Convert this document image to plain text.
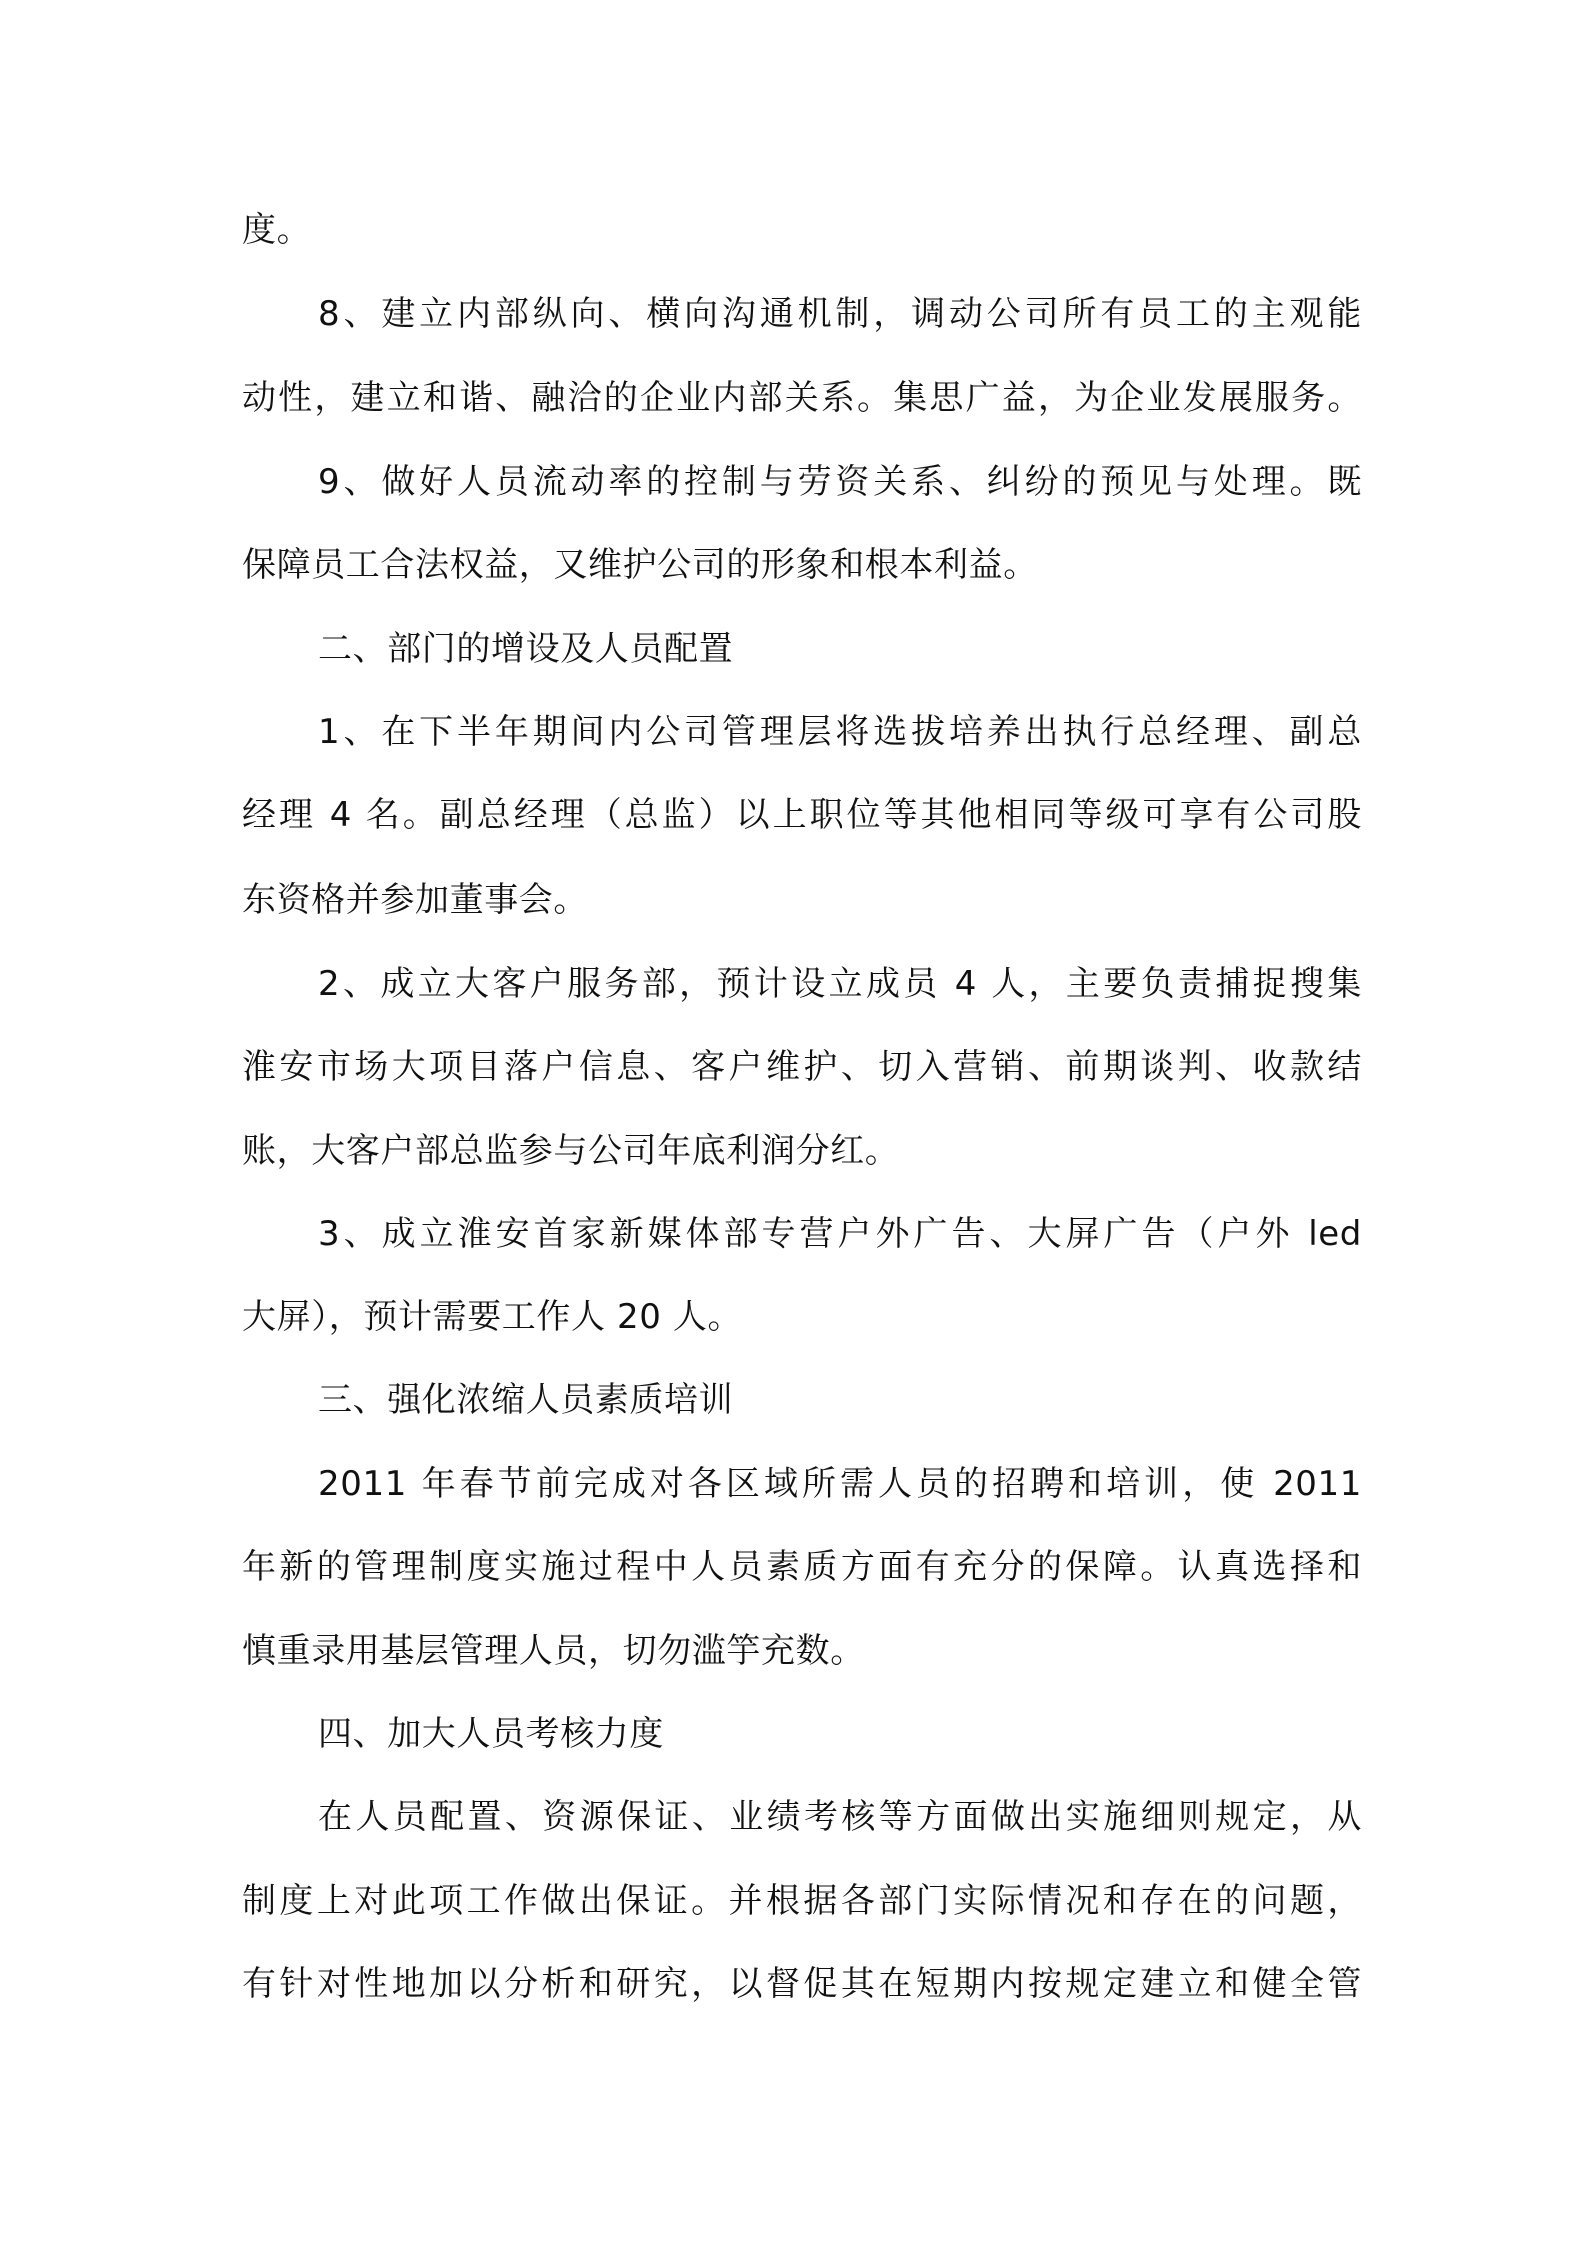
度。
8、建立内部纵向、横向沟通机制，调动公司所有员工的主观能
动性，建立和谐、融洽的企业内部关系。集思广益，为企业发展服务。
9、做好人员流动率的控制与劳资关系、纠纷的预见与处理。既
保障员工合法权益，又维护公司的形象和根本利益。
二、部门的增设及人员配置
1、在下半年期间内公司管理层将选拔培养出执行总经理、副总
经理 4 名。副总经理（总监）以上职位等其他相同等级可享有公司股
东资格并参加董事会。
2、成立大客户服务部，预计设立成员 4 人，主要负责捕捉搜集
淮安市场大项目落户信息、客户维护、切入营销、前期谈判、收款结
账，大客户部总监参与公司年底利润分红。
3、成立淮安首家新媒体部专营户外广告、大屏广告（户外 led
大屏），预计需要工作人 20 人。
三、强化浓缩人员素质培训
2011 年春节前完成对各区域所需人员的招聘和培训，使 2011
年新的管理制度实施过程中人员素质方面有充分的保障。认真选择和
慎重录用基层管理人员，切勿滥竽充数。
四、加大人员考核力度
在人员配置、资源保证、业绩考核等方面做出实施细则规定，从
制度上对此项工作做出保证。并根据各部门实际情况和存在的问题，
有针对性地加以分析和研究，以督促其在短期内按规定建立和健全管
